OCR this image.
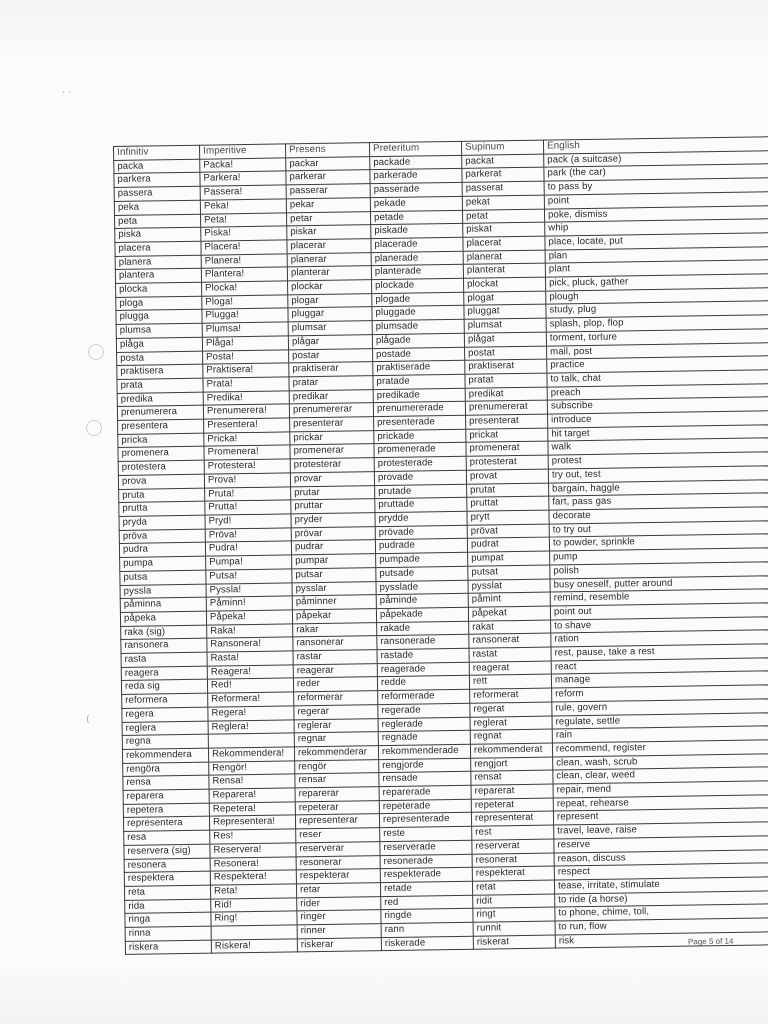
· ·
(
Infinitiv	Imperitive	Presens	Preteritum	Supinum	English
packa	Packa!	packar	packade	packat	pack (a suitcase)
parkera	Parkera!	parkerar	parkerade	parkerat	park (the car)
passera	Passera!	passerar	passerade	passerat	to pass by
peka	Peka!	pekar	pekade	pekat	point
peta	Peta!	petar	petade	petat	poke, dismiss
piska	Piska!	piskar	piskade	piskat	whip
placera	Placera!	placerar	placerade	placerat	place, locate, put
planera	Planera!	planerar	planerade	planerat	plan
plantera	Plantera!	planterar	planterade	planterat	plant
plocka	Plocka!	plockar	plockade	plockat	pick, pluck, gather
ploga	Ploga!	plogar	plogade	plogat	plough
plugga	Plugga!	pluggar	pluggade	pluggat	study, plug
plumsa	Plumsa!	plumsar	plumsade	plumsat	splash, plop, flop
plåga	Plåga!	plågar	plågade	plågat	torment, torture
posta	Posta!	postar	postade	postat	mail, post
praktisera	Praktisera!	praktiserar	praktiserade	praktiserat	practice
prata	Prata!	pratar	pratade	pratat	to talk, chat
predika	Predika!	predikar	predikade	predikat	preach
prenumerera	Prenumerera!	prenumererar	prenumererade	prenumererat	subscribe
presentera	Presentera!	presenterar	presenterade	presenterat	introduce
pricka	Pricka!	prickar	prickade	prickat	hit target
promenera	Promenera!	promenerar	promenerade	promenerat	walk
protestera	Protestera!	protesterar	protesterade	protesterat	protest
prova	Prova!	provar	provade	provat	try out, test
pruta	Pruta!	prutar	prutade	prutat	bargain, haggle
prutta	Prutta!	pruttar	pruttade	pruttat	fart, pass gas
pryda	Pryd!	pryder	prydde	prytt	decorate
pröva	Pröva!	prövar	prövade	prövat	to try out
pudra	Pudra!	pudrar	pudrade	pudrat	to powder, sprinkle
pumpa	Pumpa!	pumpar	pumpade	pumpat	pump
putsa	Putsa!	putsar	putsade	putsat	polish
pyssla	Pyssla!	pysslar	pysslade	pysslat	busy oneself, putter around
påminna	Påminn!	påminner	påminde	påmint	remind, resemble
påpeka	Påpeka!	påpekar	påpekade	påpekat	point out
raka (sig)	Raka!	rakar	rakade	rakat	to shave
ransonera	Ransonera!	ransonerar	ransonerade	ransonerat	ration
rasta	Rasta!	rastar	rastade	rastat	rest, pause, take a rest
reagera	Reagera!	reagerar	reagerade	reagerat	react
reda sig	Red!	reder	redde	rett	manage
reformera	Reformera!	reformerar	reformerade	reformerat	reform
regera	Regera!	regerar	regerade	regerat	rule, govern
reglera	Reglera!	reglerar	reglerade	reglerat	regulate, settle
regna		regnar	regnade	regnat	rain
rekommendera	Rekommendera!	rekommenderar	rekommenderade	rekommenderat	recommend, register
rengöra	Rengör!	rengör	rengjorde	rengjort	clean, wash, scrub
rensa	Rensa!	rensar	rensade	rensat	clean, clear, weed
reparera	Reparera!	reparerar	reparerade	reparerat	repair, mend
repetera	Repetera!	repeterar	repeterade	repeterat	repeat, rehearse
representera	Representera!	representerar	representerade	representerat	represent
resa	Res!	reser	reste	rest	travel, leave, raise
reservera (sig)	Reservera!	reserverar	reserverade	reserverat	reserve
resonera	Resonera!	resonerar	resonerade	resonerat	reason, discuss
respektera	Respektera!	respekterar	respekterade	respekterat	respect
reta	Reta!	retar	retade	retat	tease, irritate, stimulate
rida	Rid!	rider	red	ridit	to ride (a horse)
ringa	Ring!	ringer	ringde	ringt	to phone, chime, toll,
rinna		rinner	rann	runnit	to run, flow
riskera	Riskera!	riskerar	riskerade	riskerat	risk	Page 5 of 14
